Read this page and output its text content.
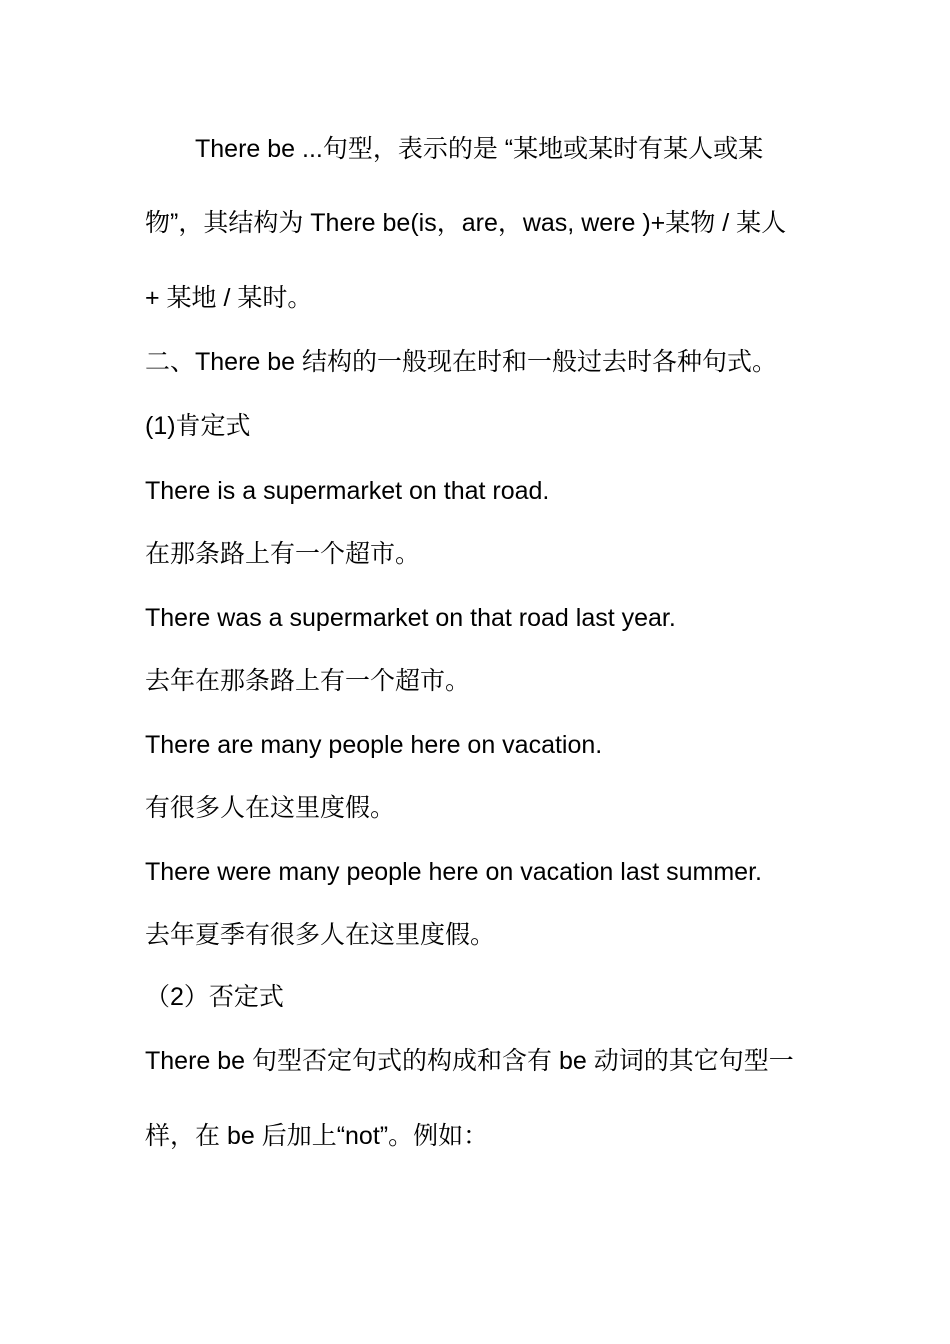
There be ...句型，表示的是 “某地或某时有某人或某
物”，其结构为 There be(is，are，was, were )+某物 / 某人
+ 某地 / 某时。
二、There be 结构的一般现在时和一般过去时各种句式。
(1)肯定式
There is a supermarket on that road.
在那条路上有一个超市。
There was a supermarket on that road last year.
去年在那条路上有一个超市。
There are many people here on vacation.
有很多人在这里度假。
There were many people here on vacation last summer.
去年夏季有很多人在这里度假。
（2）否定式
There be 句型否定句式的构成和含有 be 动词的其它句型一
样，在 be 后加上“not”。例如：
